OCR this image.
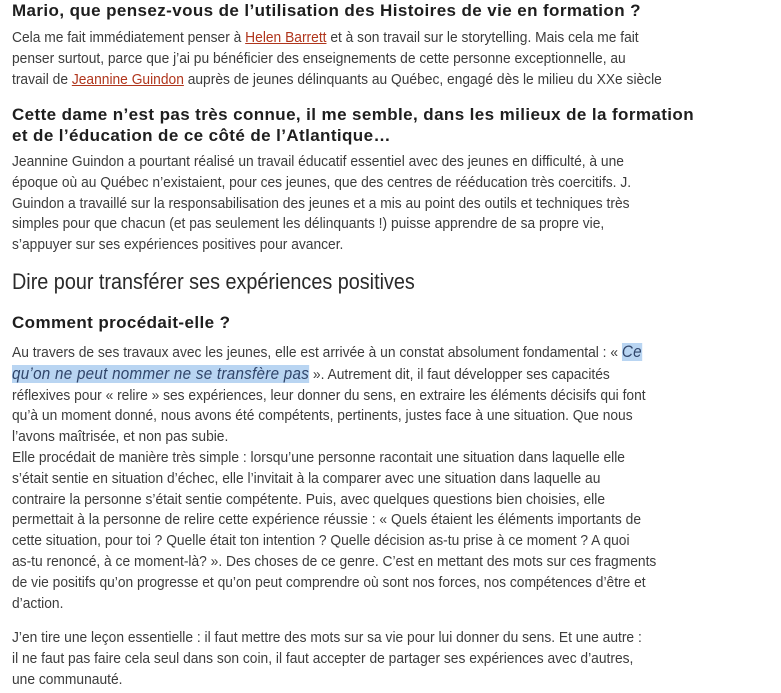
Mario, que pensez-vous de l’utilisation des Histoires de vie en formation ?

Cela me fait immédiatement penser à Helen Barrett et à son travail sur le storytelling. Mais cela me fait
penser surtout, parce que j’ai pu bénéficier des enseignements de cette personne exceptionnelle, au
travail de Jeannine Guindon auprès de jeunes délinquants au Québec, engagé dès le milieu du XXe siècle

Cette dame n’est pas très connue, il me semble, dans les milieux de la formation
et de l’éducation de ce côté de l’Atlantique…

Jeannine Guindon a pourtant réalisé un travail éducatif essentiel avec des jeunes en difficulté, à une
époque où au Québec n’existaient, pour ces jeunes, que des centres de rééducation très coercitifs. J.
Guindon a travaillé sur la responsabilisation des jeunes et a mis au point des outils et techniques très
simples pour que chacun (et pas seulement les délinquants !) puisse apprendre de sa propre vie,
s’appuyer sur ses expériences positives pour avancer.

Dire pour transférer ses expériences positives
Comment procédait-elle ?

Au travers de ses travaux avec les jeunes, elle est arrivée à un constat absolument fondamental : « Ce
qu’on ne peut nommer ne se transfère pas ». Autrement dit, il faut développer ses capacités
réflexives pour « relire » ses expériences, leur donner du sens, en extraire les éléments décisifs qui font
qu’à un moment donné, nous avons été compétents, pertinents, justes face à une situation. Que nous
l’avons maîtrisée, et non pas subie.
Elle procédait de manière très simple : lorsqu’une personne racontait une situation dans laquelle elle
s’était sentie en situation d’échec, elle l’invitait à la comparer avec une situation dans laquelle au
contraire la personne s’était sentie compétente. Puis, avec quelques questions bien choisies, elle
permettait à la personne de relire cette expérience réussie : « Quels étaient les éléments importants de
cette situation, pour toi ? Quelle était ton intention ? Quelle décision as-tu prise à ce moment ? A quoi
as-tu renoncé, à ce moment-là? ». Des choses de ce genre. C’est en mettant des mots sur ces fragments
de vie positifs qu’on progresse et qu’on peut comprendre où sont nos forces, nos compétences d’être et
d’action.

J’en tire une leçon essentielle : il faut mettre des mots sur sa vie pour lui donner du sens. Et une autre :
il ne faut pas faire cela seul dans son coin, il faut accepter de partager ses expériences avec d’autres,
une communauté.
